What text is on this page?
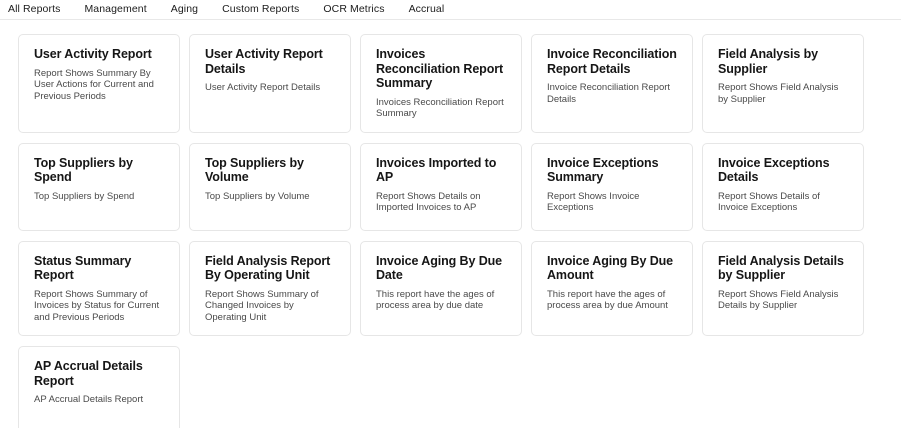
All Reports	Management	Aging	Custom Reports	OCR Metrics	Accrual
User Activity Report
Report Shows Summary By User Actions for Current and Previous Periods
User Activity Report Details
User Activity Report Details
Invoices Reconciliation Report Summary
Invoices Reconciliation Report Summary
Invoice Reconciliation Report Details
Invoice Reconciliation Report Details
Field Analysis by Supplier
Report Shows Field Analysis by Supplier
Top Suppliers by Spend
Top Suppliers by Spend
Top Suppliers by Volume
Top Suppliers by Volume
Invoices Imported to AP
Report Shows Details on Imported Invoices to AP
Invoice Exceptions Summary
Report Shows Invoice Exceptions
Invoice Exceptions Details
Report Shows Details of Invoice Exceptions
Status Summary Report
Report Shows Summary of Invoices by Status for Current and Previous Periods
Field Analysis Report By Operating Unit
Report Shows Summary of Changed Invoices by Operating Unit
Invoice Aging By Due Date
This report have the ages of process area by due date
Invoice Aging By Due Amount
This report have the ages of process area by due Amount
Field Analysis Details by Supplier
Report Shows Field Analysis Details by Supplier
AP Accrual Details Report
AP Accrual Details Report
